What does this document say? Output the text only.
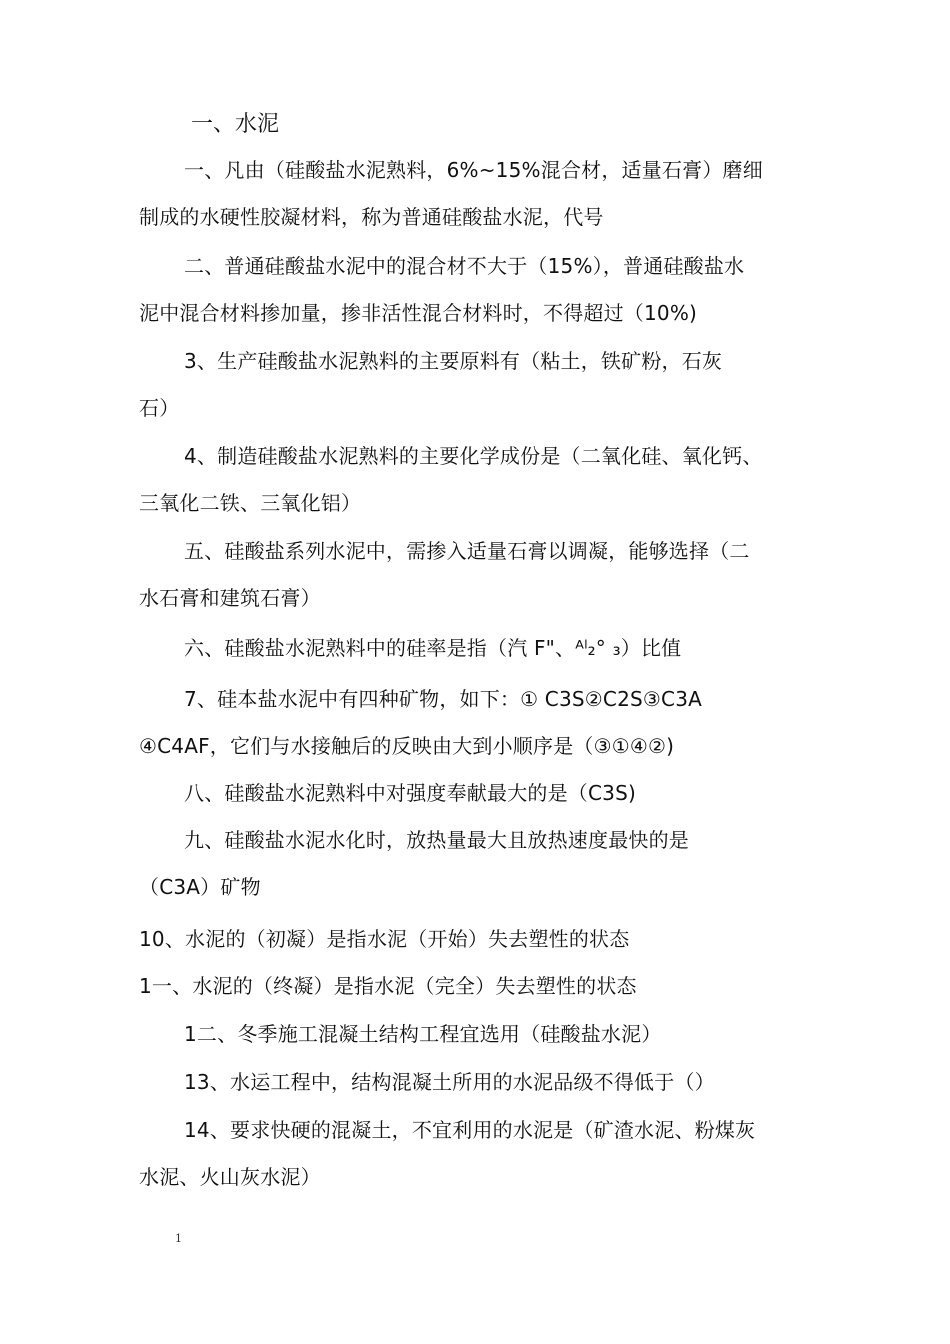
一、水泥
一、凡由（硅酸盐水泥熟料，6%~15%混合材，适量石膏）磨细
制成的水硬性胶凝材料，称为普通硅酸盐水泥，代号
二、普通硅酸盐水泥中的混合材不大于（15%），普通硅酸盐水
泥中混合材料掺加量，掺非活性混合材料时，不得超过（10%)
3、生产硅酸盐水泥熟料的主要原料有（粘土，铁矿粉，石灰
石）
4、制造硅酸盐水泥熟料的主要化学成份是（二氧化硅、氧化钙、
三氧化二铁、三氧化铝）
五、硅酸盐系列水泥中，需掺入适量石膏以调凝，能够选择（二
水石膏和建筑石膏）
六、硅酸盐水泥熟料中的硅率是指（汽 F"、ᴬˡ₂° ₃）比值
7、硅本盐水泥中有四种矿物，如下：① C3S②C2S③C3A
④C4AF，它们与水接触后的反映由大到小顺序是（③①④②)
八、硅酸盐水泥熟料中对强度奉献最大的是（C3S)
九、硅酸盐水泥水化时，放热量最大且放热速度最快的是
（C3A）矿物
10、水泥的（初凝）是指水泥（开始）失去塑性的状态
1一、水泥的（终凝）是指水泥（完全）失去塑性的状态
1二、冬季施工混凝土结构工程宜选用（硅酸盐水泥）
13、水运工程中，结构混凝土所用的水泥品级不得低于（）
14、要求快硬的混凝土，不宜利用的水泥是（矿渣水泥、粉煤灰
水泥、火山灰水泥）
1
